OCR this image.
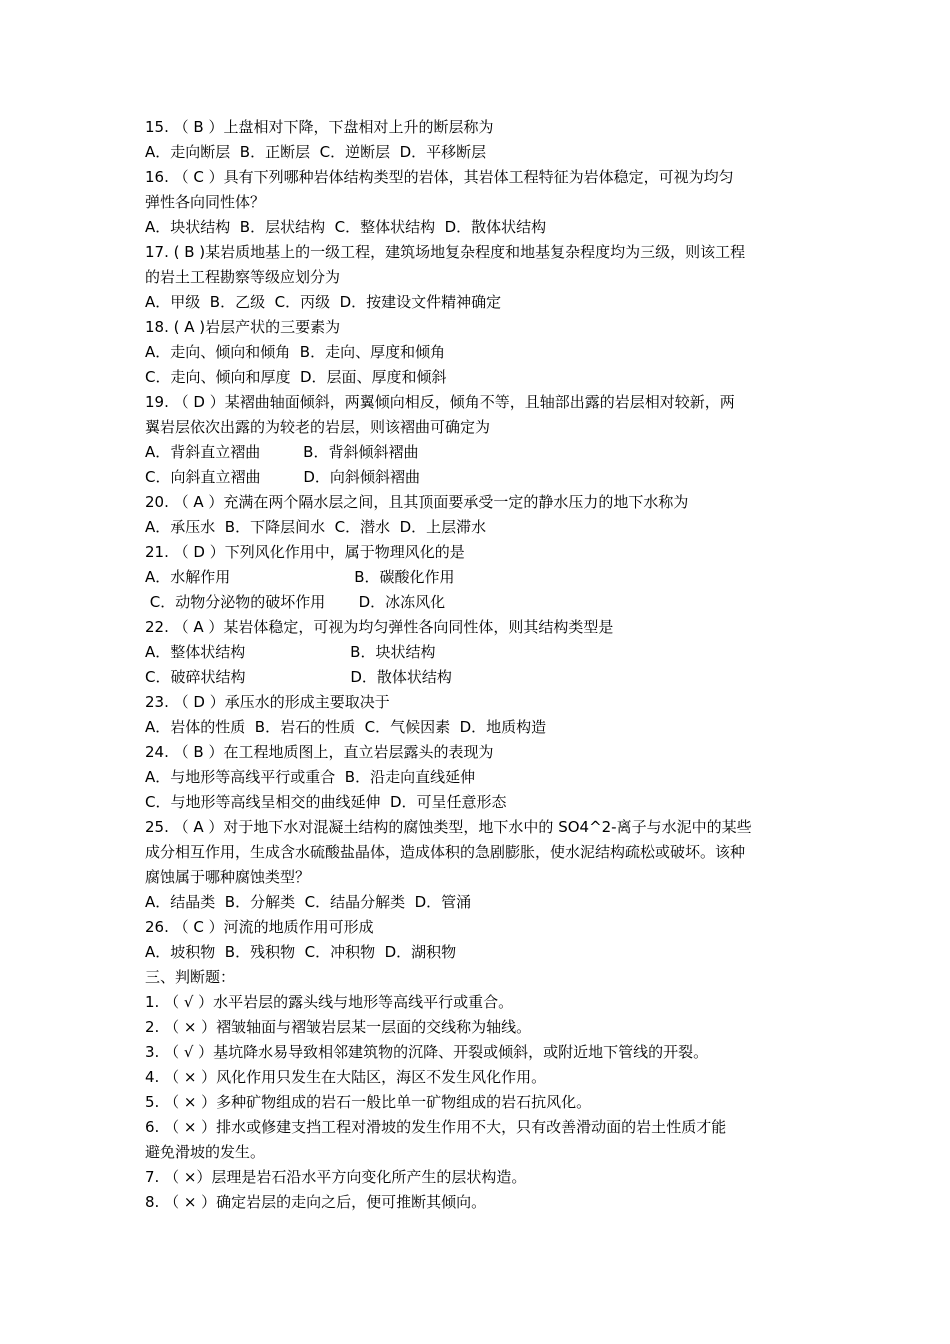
15. （ B ）上盘相对下降，下盘相对上升的断层称为
A．走向断层  B．正断层  C．逆断层  D．平移断层
16. （ C ）具有下列哪种岩体结构类型的岩体，其岩体工程特征为岩体稳定，可视为均匀
弹性各向同性体？
A．块状结构  B．层状结构  C．整体状结构  D．散体状结构
17. ( B )某岩质地基上的一级工程，建筑场地复杂程度和地基复杂程度均为三级，则该工程
的岩土工程勘察等级应划分为
A．甲级  B．乙级  C．丙级  D．按建设文件精神确定
18. ( A )岩层产状的三要素为
A．走向、倾向和倾角  B．走向、厚度和倾角
C．走向、倾向和厚度  D．层面、厚度和倾斜
19. （ D ）某褶曲轴面倾斜，两翼倾向相反，倾角不等，且轴部出露的岩层相对较新，两
翼岩层依次出露的为较老的岩层，则该褶曲可确定为
A．背斜直立褶曲         B．背斜倾斜褶曲
C．向斜直立褶曲         D．向斜倾斜褶曲
20. （ A ）充满在两个隔水层之间，且其顶面要承受一定的静水压力的地下水称为
A．承压水  B．下降层间水  C．潜水  D．上层滞水
21. （ D ）下列风化作用中，属于物理风化的是
A．水解作用                          B．碳酸化作用
C．动物分泌物的破坏作用       D．冰冻风化
22. （ A ）某岩体稳定，可视为均匀弹性各向同性体，则其结构类型是
A．整体状结构                      B．块状结构
C．破碎状结构                      D．散体状结构
23. （ D ）承压水的形成主要取决于
A．岩体的性质  B．岩石的性质  C．气候因素  D．地质构造
24. （ B ）在工程地质图上，直立岩层露头的表现为
A．与地形等高线平行或重合  B．沿走向直线延伸
C．与地形等高线呈相交的曲线延伸  D．可呈任意形态
25. （ A ）对于地下水对混凝土结构的腐蚀类型，地下水中的 SO4^2-离子与水泥中的某些
成分相互作用，生成含水硫酸盐晶体，造成体积的急剧膨胀，使水泥结构疏松或破坏。该种
腐蚀属于哪种腐蚀类型？
A．结晶类  B．分解类  C．结晶分解类  D．管涌
26. （ C ）河流的地质作用可形成
A．坡积物  B．残积物  C．冲积物  D．湖积物
三、判断题：
1. （ √ ）水平岩层的露头线与地形等高线平行或重合。
2. （ × ）褶皱轴面与褶皱岩层某一层面的交线称为轴线。
3. （ √ ）基坑降水易导致相邻建筑物的沉降、开裂或倾斜，或附近地下管线的开裂。
4. （ × ）风化作用只发生在大陆区，海区不发生风化作用。
5. （ × ）多种矿物组成的岩石一般比单一矿物组成的岩石抗风化。
6. （ × ）排水或修建支挡工程对滑坡的发生作用不大，只有改善滑动面的岩土性质才能
避免滑坡的发生。
7. （ ×）层理是岩石沿水平方向变化所产生的层状构造。
8. （ × ）确定岩层的走向之后，便可推断其倾向。
